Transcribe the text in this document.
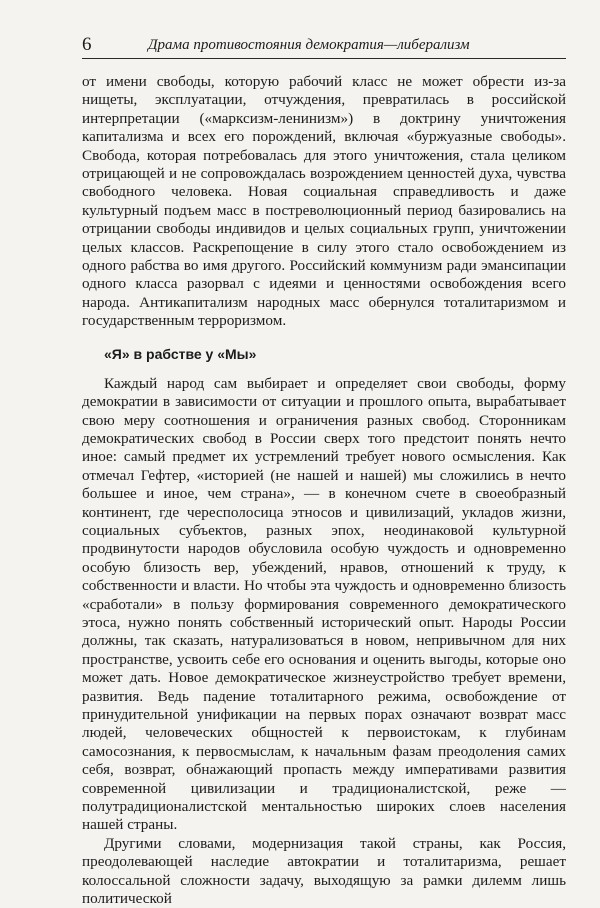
6	Драма противостояния демократия—либерализм

от имени свободы, которую рабочий класс не может обрести из-за нищеты, эксплуатации, отчуждения, превратилась в российской интерпретации («марксизм-ленинизм») в доктрину уничтожения капитализма и всех его порождений, включая «буржуазные свободы». Свобода, которая потребовалась для этого уничтожения, стала целиком отрицающей и не сопровождалась возрождением ценностей духа, чувства свободного человека. Новая социальная справедливость и даже культурный подъем масс в постреволюционный период базировались на отрицании свободы индивидов и целых социальных групп, уничтожении целых классов. Раскрепощение в силу этого стало освобождением из одного рабства во имя другого. Российский коммунизм ради эмансипации одного класса разорвал с идеями и ценностями освобождения всего народа. Антикапитализм народных масс обернулся тоталитаризмом и государственным терроризмом.

«Я» в рабстве у «Мы»

Каждый народ сам выбирает и определяет свои свободы, форму демократии в зависимости от ситуации и прошлого опыта, вырабатывает свою меру соотношения и ограничения разных свобод. Сторонникам демократических свобод в России сверх того предстоит понять нечто иное: самый предмет их устремлений требует нового осмысления. Как отмечал Гефтер, «историей (не нашей и нашей) мы сложились в нечто большее и иное, чем страна», — в конечном счете в своеобразный континент, где чересполосица этносов и цивилизаций, укладов жизни, социальных субъектов, разных эпох, неодинаковой культурной продвинутости народов обусловила особую чуждость и одновременно особую близость вер, убеждений, нравов, отношений к труду, к собственности и власти. Но чтобы эта чуждость и одновременно близость «сработали» в пользу формирования современного демократического этоса, нужно понять собственный исторический опыт. Народы России должны, так сказать, натурализоваться в новом, непривычном для них пространстве, усвоить себе его основания и оценить выгоды, которые оно может дать. Новое демократическое жизнеустройство требует времени, развития. Ведь падение тоталитарного режима, освобождение от принудительной унификации на первых порах означают возврат масс людей, человеческих общностей к первоистокам, к глубинам самосознания, к первосмыслам, к начальным фазам преодоления самих себя, возврат, обнажающий пропасть между императивами развития современной цивилизации и традиционалистской, реже — полутрадиционалистской ментальностью широких слоев населения нашей страны.

Другими словами, модернизация такой страны, как Россия, преодолевающей наследие автократии и тоталитаризма, решает колоссальной сложности задачу, выходящую за рамки дилемм лишь политической
